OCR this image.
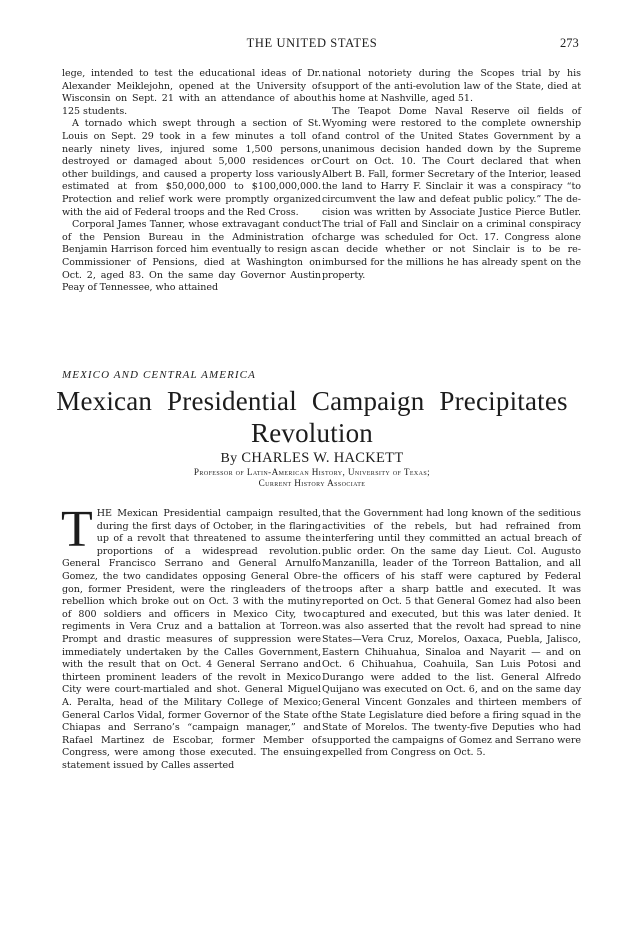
THE UNITED STATES	273

lege, intended to test the educational ideas of Dr. Alexander Meiklejohn, opened at the University of Wisconsin on Sept. 21 with an attendance of about 125 students.

A tornado which swept through a section of St. Louis on Sept. 29 took in a few minutes a toll of nearly ninety lives, injured some 1,500 persons, destroyed or damaged about 5,000 residences or other buildings, and caused a property loss variously estimated at from $50,000,000 to $100,000,000. Protection and relief work were promptly organized with the aid of Federal troops and the Red Cross.

Corporal James Tanner, whose extravagant conduct of the Pension Bureau in the Administration of Benjamin Harrison forced him eventually to resign as Commissioner of Pensions, died at Washington on Oct. 2, aged 83. On the same day Governor Austin Peay of Tennessee, who attained

national notoriety during the Scopes trial by his support of the anti-evolution law of the State, died at his home at Nashville, aged 51.

The Teapot Dome Naval Reserve oil fields of Wyoming were restored to the complete ownership and control of the United States Government by a unanimous decision handed down by the Supreme Court on Oct. 10. The Court declared that when Albert B. Fall, former Secretary of the Interior, leased the land to Harry F. Sinclair it was a conspiracy “to circumvent the law and defeat public policy.” The decision was written by Associate Justice Pierce Butler. The trial of Fall and Sinclair on a criminal conspiracy charge was scheduled for Oct. 17. Congress alone can decide whether or not Sinclair is to be reimbursed for the millions he has already spent on the property.

MEXICO AND CENTRAL AMERICA
Mexican Presidential Campaign Precipitates
Revolution
By CHARLES W. HACKETT
Professor of Latin-American History, University of Texas;
Current History Associate

THE Mexican Presidential campaign resulted, during the first days of October, in the flaring up of a revolt that threatened to assume the proportions of a widespread revolution. General Francisco Serrano and General Arnulfo Gomez, the two candidates opposing General Obregon, former President, were the ringleaders of the rebellion which broke out on Oct. 3 with the mutiny of 800 soldiers and officers in Mexico City, two regiments in Vera Cruz and a battalion at Torreon. Prompt and drastic measures of suppression were immediately undertaken by the Calles Government, with the result that on Oct. 4 General Serrano and thirteen prominent leaders of the revolt in Mexico City were court-martialed and shot. General Miguel A. Peralta, head of the Military College of Mexico; General Carlos Vidal, former Governor of the State of Chiapas and Serrano’s “campaign manager,” and Rafael Martinez de Escobar, former Member of Congress, were among those executed. The ensuing statement issued by Calles asserted

that the Government had long known of the seditious activities of the rebels, but had refrained from interfering until they committed an actual breach of public order. On the same day Lieut. Col. Augusto Manzanilla, leader of the Torreon Battalion, and all the officers of his staff were captured by Federal troops after a sharp battle and executed. It was reported on Oct. 5 that General Gomez had also been captured and executed, but this was later denied. It was also asserted that the revolt had spread to nine States—Vera Cruz, Morelos, Oaxaca, Puebla, Jalisco, Eastern Chihuahua, Sinaloa and Nayarit — and on Oct. 6 Chihuahua, Coahuila, San Luis Potosi and Durango were added to the list. General Alfredo Quijano was executed on Oct. 6, and on the same day General Vincent Gonzales and thirteen members of the State Legislature died before a firing squad in the State of Morelos. The twenty-five Deputies who had supported the campaigns of Gomez and Serrano were expelled from Congress on Oct. 5.
